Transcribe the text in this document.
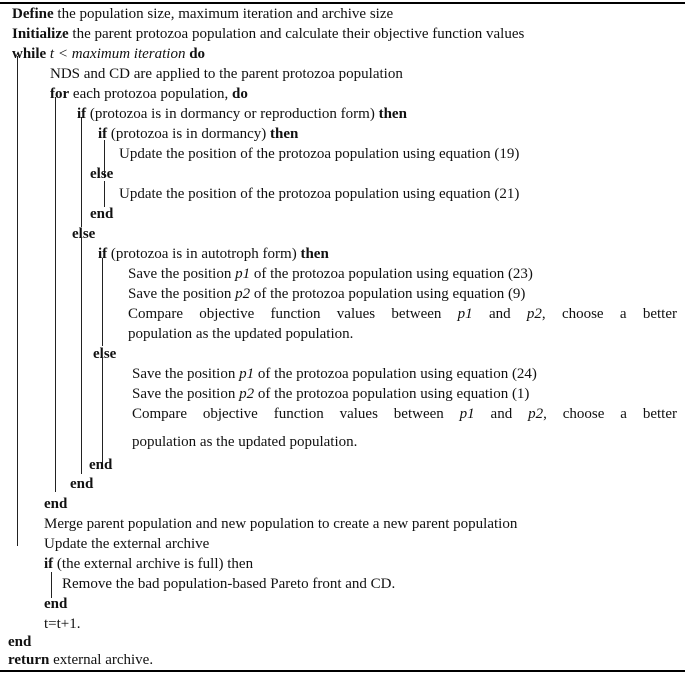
Define the population size, maximum iteration and archive size
Initialize the parent protozoa population and calculate their objective function values
while t < maximum iteration do
NDS and CD are applied to the parent protozoa population
for each protozoa population, do
if (protozoa is in dormancy or reproduction form) then
if (protozoa is in dormancy) then
Update the position of the protozoa population using equation (19)
else
Update the position of the protozoa population using equation (21)
end
else
if (protozoa is in autotroph form) then
Save the position p1 of the protozoa population using equation (23)
Save the position p2 of the protozoa population using equation (9)
Compare objective function values between p1 and p2, choose a better
population as the updated population.
else
Save the position p1 of the protozoa population using equation (24)
Save the position p2 of the protozoa population using equation (1)
Compare objective function values between p1 and p2, choose a better
population as the updated population.
end
end
end
Merge parent population and new population to create a new parent population
Update the external archive
if (the external archive is full) then
Remove the bad population-based Pareto front and CD.
end
t=t+1.
end
return external archive.
